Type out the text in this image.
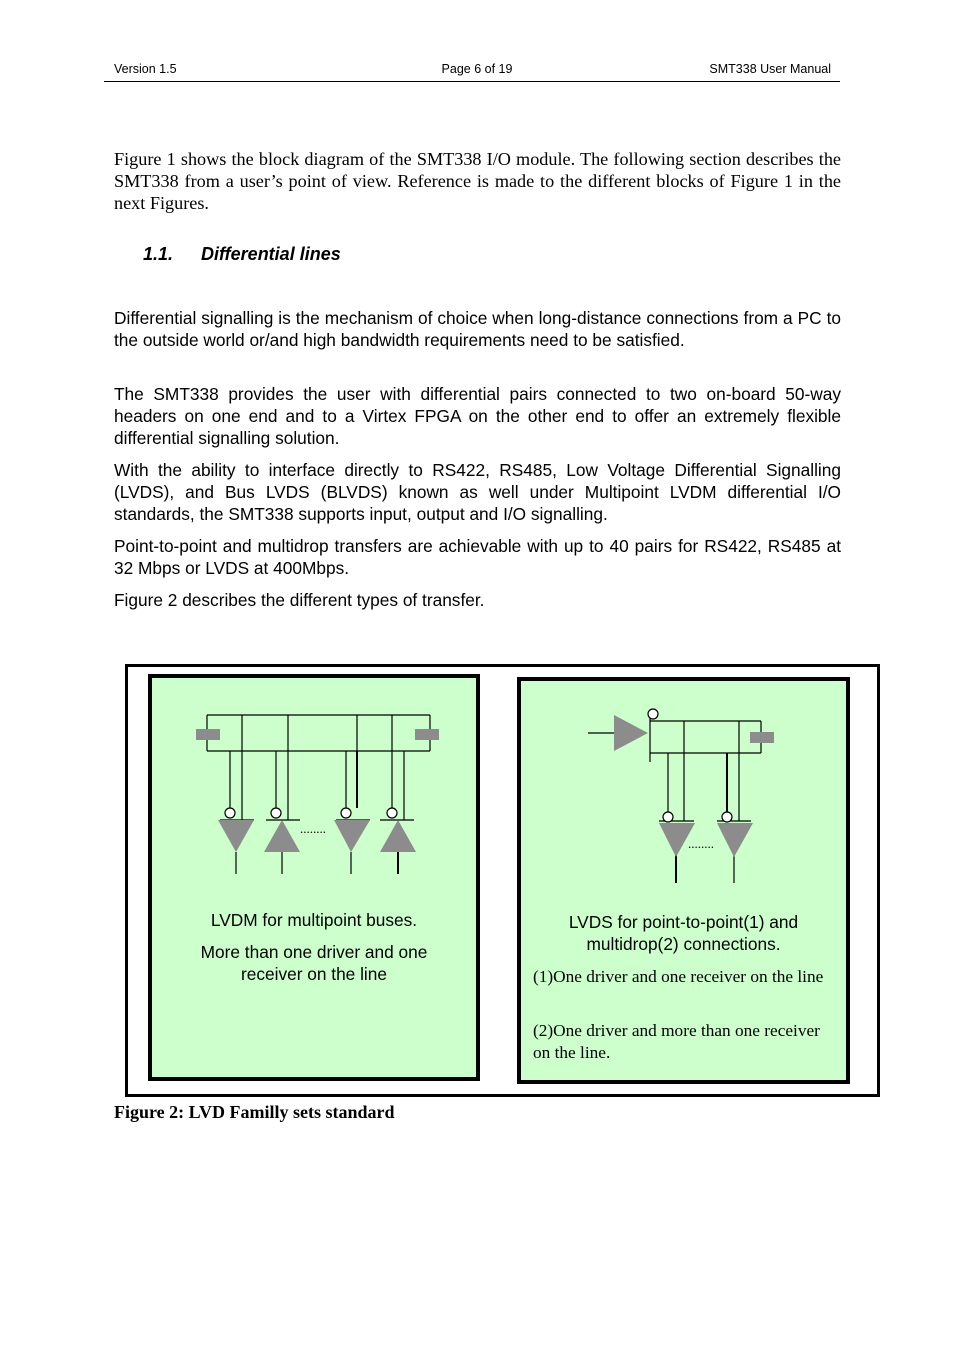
Version 1.5	Page 6 of 19	SMT338 User Manual

Figure 1 shows the block diagram of the SMT338 I/O module. The following section describes the SMT338 from a user’s point of view. Reference is made to the different blocks of Figure 1 in the next Figures.

1.1. Differential lines

Differential signalling is the mechanism of choice when long-distance connections from a PC to the outside world or/and high bandwidth requirements need to be satisfied.

The SMT338 provides the user with differential pairs connected to two on-board 50-way headers on one end and to a Virtex FPGA on the other end to offer an extremely flexible differential signalling solution.

With the ability to interface directly to RS422, RS485, Low Voltage Differential Signalling (LVDS), and Bus LVDS (BLVDS) known as well under Multipoint LVDM differential I/O standards, the SMT338 supports input, output and I/O signalling.

Point-to-point and multidrop transfers are achievable with up to 40 pairs for RS422, RS485 at 32 Mbps or LVDS at 400Mbps.

Figure 2 describes the different types of transfer.

........

LVDM for multipoint buses.

More than one driver and one receiver on the line

........

LVDS for point-to-point(1) and multidrop(2) connections.

(1)One driver and one receiver on the line

(2)One driver and more than one receiver on the line.

Figure 2: LVD Familly sets standard
